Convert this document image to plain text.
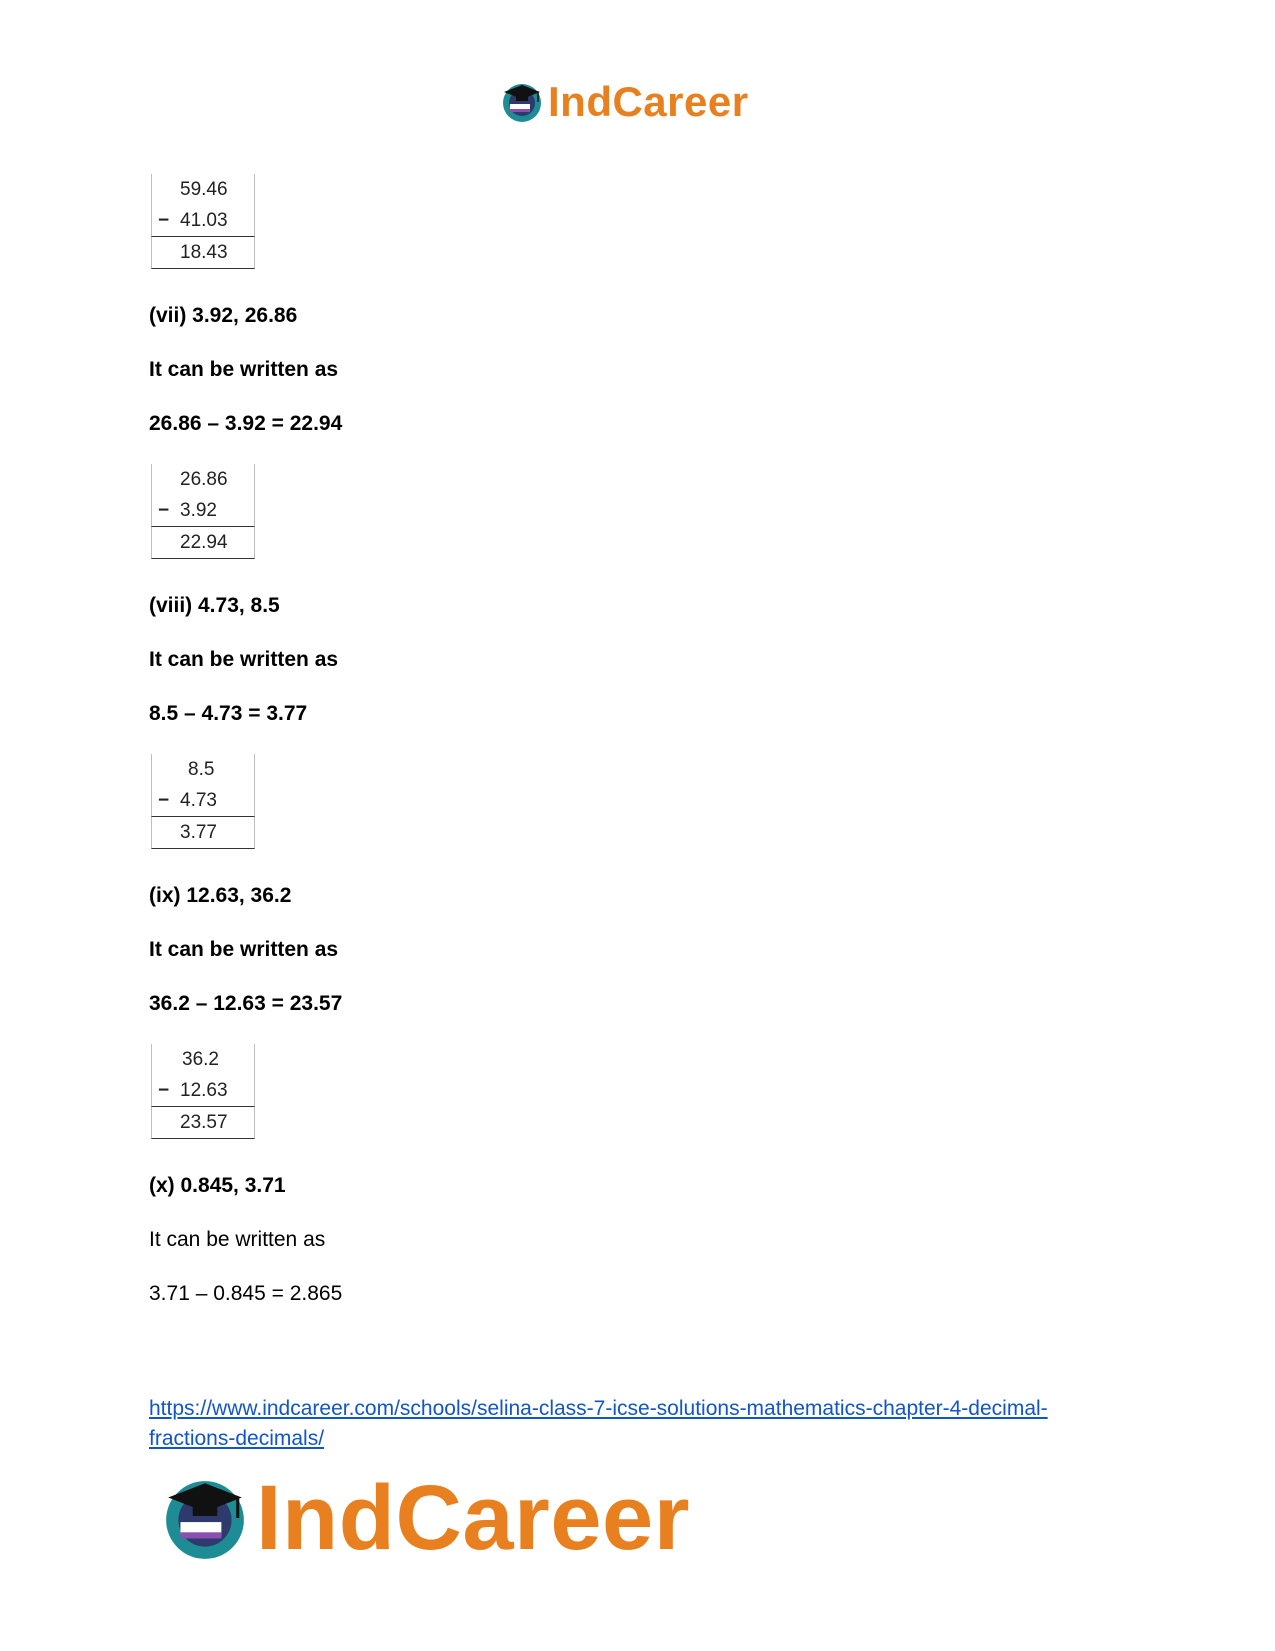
IndCareer
59.46
− 41.03
18.43
(vii) 3.92, 26.86
It can be written as
26.86 – 3.92 = 22.94
26.86
− 3.92
22.94
(viii) 4.73, 8.5
It can be written as
8.5 – 4.73 = 3.77
8.5
− 4.73
3.77
(ix) 12.63, 36.2
It can be written as
36.2 – 12.63 = 23.57
36.2
− 12.63
23.57
(x) 0.845, 3.71
It can be written as
3.71 – 0.845 = 2.865
https://www.indcareer.com/schools/selina-class-7-icse-solutions-mathematics-chapter-4-decimal-fractions-decimals/
IndCareer
